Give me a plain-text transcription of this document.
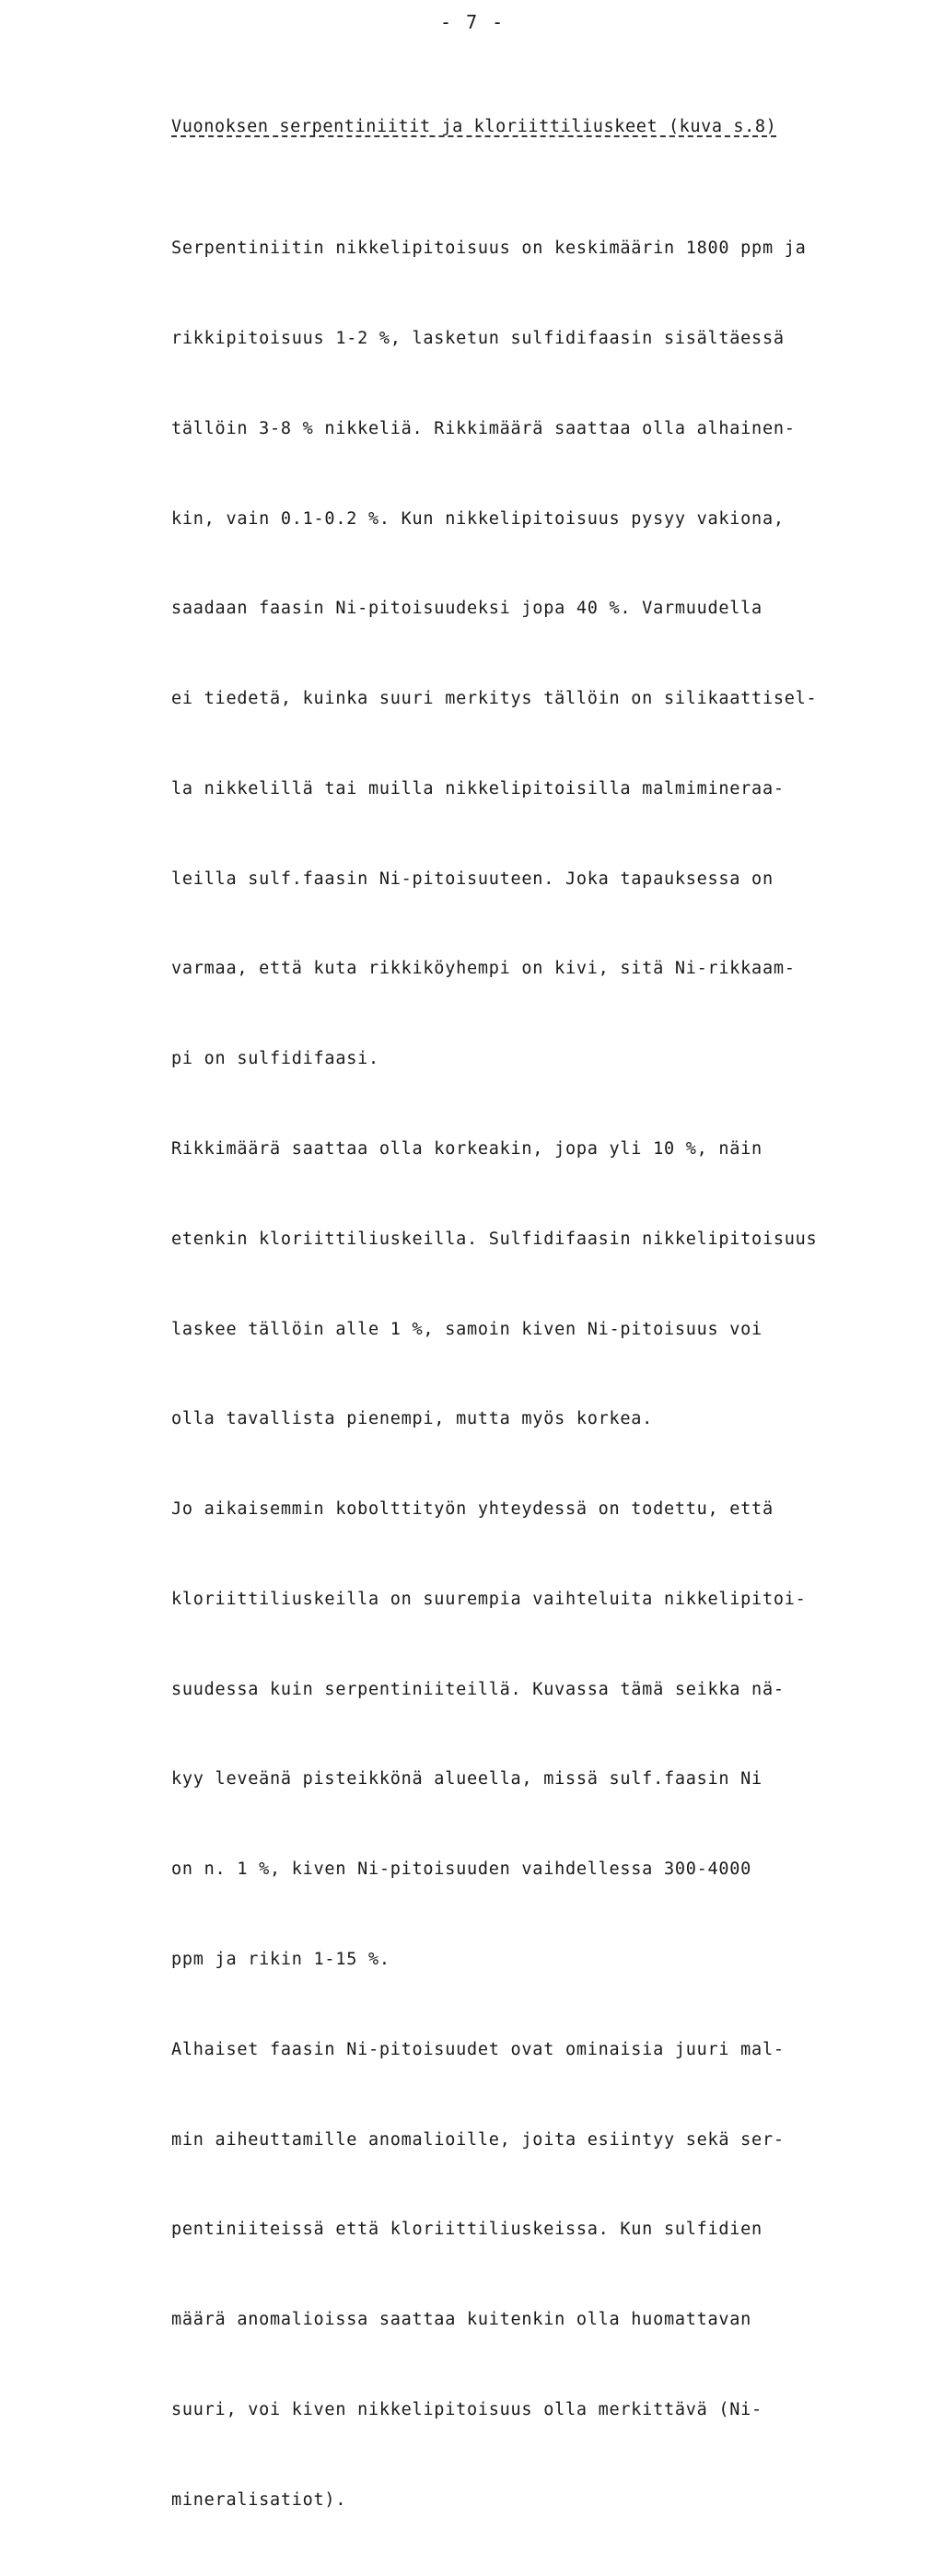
- 7 -
Vuonoksen serpentiniitit ja kloriittiliuskeet (kuva s.8)

Serpentiniitin nikkelipitoisuus on keskimäärin 1800 ppm ja

rikkipitoisuus 1-2 %, lasketun sulfidifaasin sisältäessä

tällöin 3-8 % nikkeliä. Rikkimäärä saattaa olla alhainen-

kin, vain 0.1-0.2 %. Kun nikkelipitoisuus pysyy vakiona,

saadaan faasin Ni-pitoisuudeksi jopa 40 %. Varmuudella

ei tiedetä, kuinka suuri merkitys tällöin on silikaattisel-

la nikkelillä tai muilla nikkelipitoisilla malmimineraa-

leilla sulf.faasin Ni-pitoisuuteen. Joka tapauksessa on

varmaa, että kuta rikkiköyhempi on kivi, sitä Ni-rikkaam-

pi on sulfidifaasi.

Rikkimäärä saattaa olla korkeakin, jopa yli 10 %, näin

etenkin kloriittiliuskeilla. Sulfidifaasin nikkelipitoisuus

laskee tällöin alle 1 %, samoin kiven Ni-pitoisuus voi

olla tavallista pienempi, mutta myös korkea.

Jo aikaisemmin kobolttityön yhteydessä on todettu, että

kloriittiliuskeilla on suurempia vaihteluita nikkelipitoi-

suudessa kuin serpentiniiteillä. Kuvassa tämä seikka nä-

kyy leveänä pisteikkönä alueella, missä sulf.faasin Ni

on n. 1 %, kiven Ni-pitoisuuden vaihdellessa 300-4000

ppm ja rikin 1-15 %.

Alhaiset faasin Ni-pitoisuudet ovat ominaisia juuri mal-

min aiheuttamille anomalioille, joita esiintyy sekä ser-

pentiniiteissä että kloriittiliuskeissa. Kun sulfidien

määrä anomalioissa saattaa kuitenkin olla huomattavan

suuri, voi kiven nikkelipitoisuus olla merkittävä (Ni-

mineralisatiot).
